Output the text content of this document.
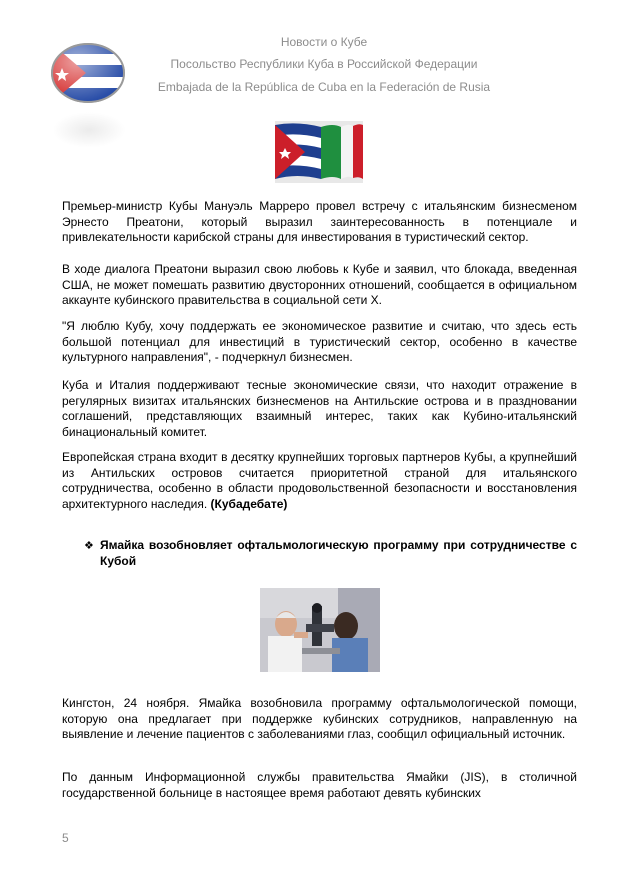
Новости о Кубе
Посольство Республики Куба в Российской Федерации
Embajada de la República de Cuba en la Federación de Rusia
Премьер-министр Кубы Мануэль Марреро провел встречу с итальянским бизнесменом Эрнесто Преатони, который выразил заинтересованность в потенциале и привлекательности карибской страны для инвестирования в туристический сектор.
В ходе диалога Преатони выразил свою любовь к Кубе и заявил, что блокада, введенная США, не может помешать развитию двусторонних отношений, сообщается в официальном аккаунте кубинского правительства в социальной сети Х.
"Я люблю Кубу, хочу поддержать ее экономическое развитие и считаю, что здесь есть большой потенциал для инвестиций в туристический сектор, особенно в качестве культурного направления", - подчеркнул бизнесмен.
Куба и Италия поддерживают тесные экономические связи, что находит отражение в регулярных визитах итальянских бизнесменов на Антильские острова и в праздновании соглашений, представляющих взаимный интерес, таких как Кубино-итальянский бинациональный комитет.
Европейская страна входит в десятку крупнейших торговых партнеров Кубы, а крупнейший из Антильских островов считается приоритетной страной для итальянского сотрудничества, особенно в области продовольственной безопасности и восстановления архитектурного наследия. (Кубадебате)
❖ Ямайка возобновляет офтальмологическую программу при сотрудничестве с Кубой
Кингстон, 24 ноября. Ямайка возобновила программу офтальмологической помощи, которую она предлагает при поддержке кубинских сотрудников, направленную на выявление и лечение пациентов с заболеваниями глаз, сообщил официальный источник.
По данным Информационной службы правительства Ямайки (JIS), в столичной государственной больнице в настоящее время работают девять кубинских
5
